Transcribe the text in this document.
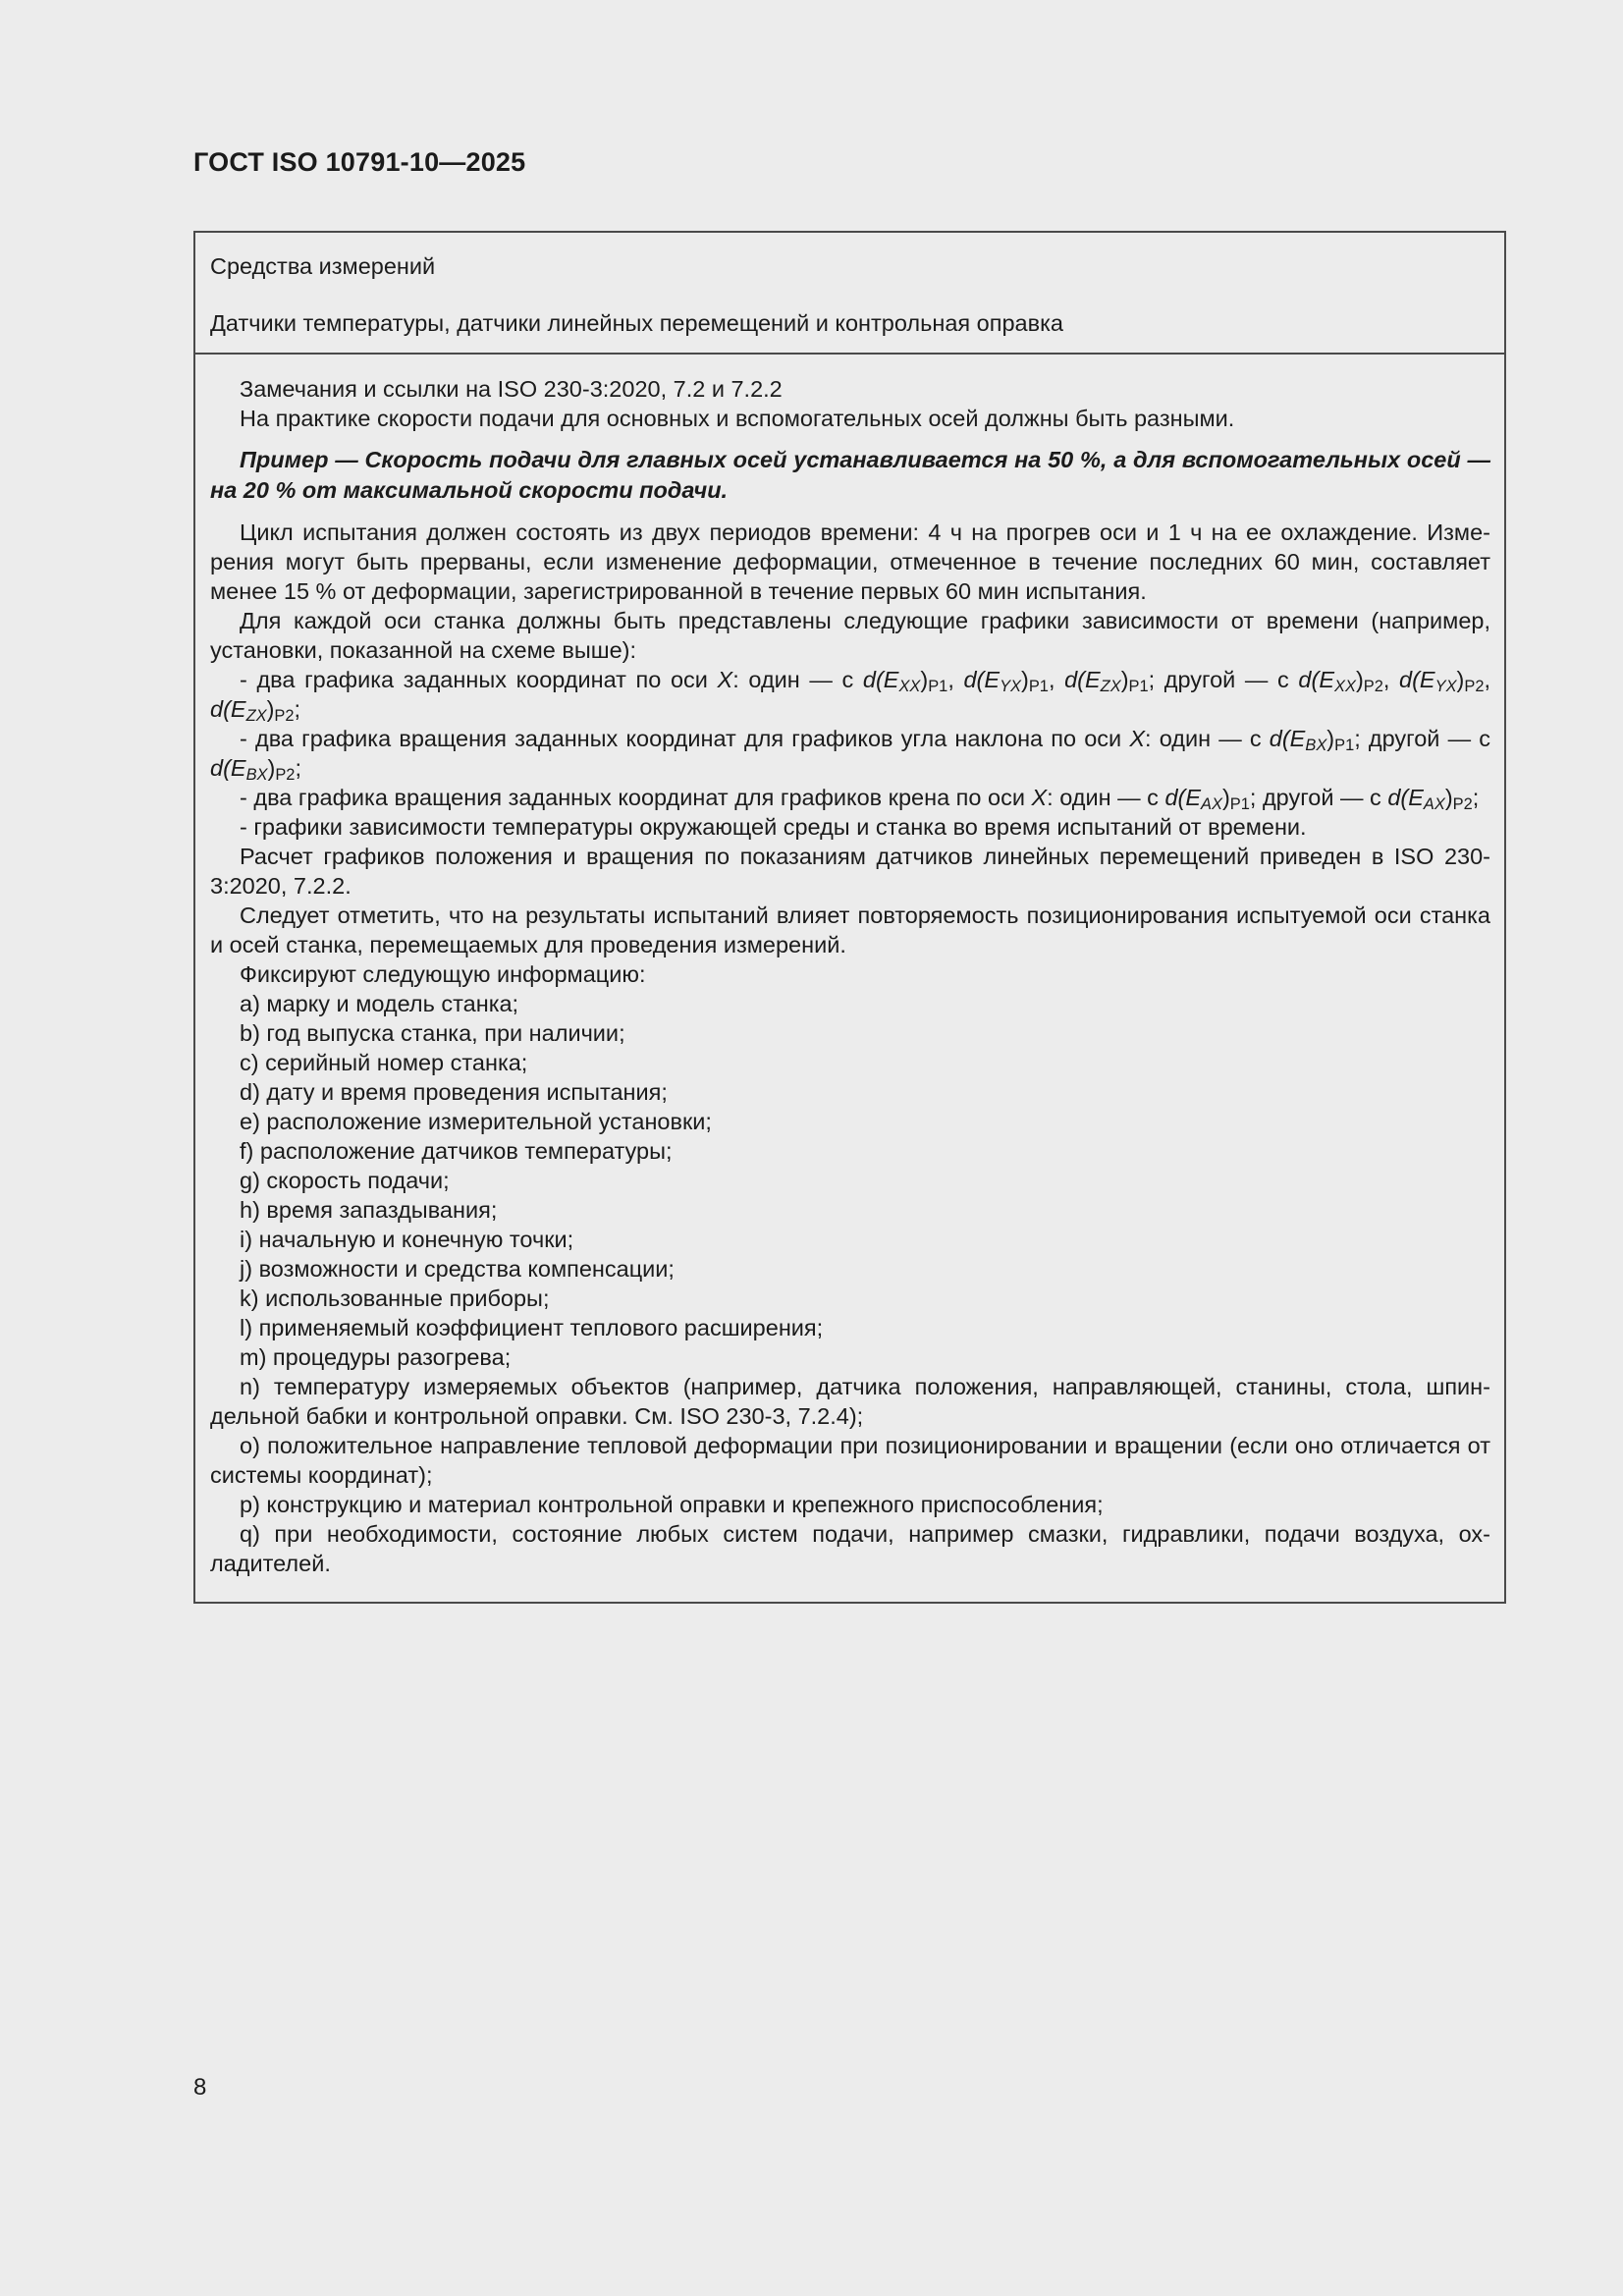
ГОСТ ISO 10791-10—2025

Средства измерений

Датчики температуры, датчики линейных перемещений и контрольная оправка

Замечания и ссылки на ISO 230-3:2020, 7.2 и 7.2.2

На практике скорости подачи для основных и вспомогательных осей должны быть разными.

Пример — Скорость подачи для главных осей устанавливается на 50 %, а для вспомогательных осей — на 20 % от максимальной скорости подачи.

Цикл испытания должен состоять из двух периодов времени: 4 ч на прогрев оси и 1 ч на ее охлаждение. Измерения могут быть прерваны, если изменение деформации, отмеченное в течение последних 60 мин, составляет менее 15 % от деформации, зарегистрированной в течение первых 60 мин испытания.

Для каждой оси станка должны быть представлены следующие графики зависимости от времени (например, установки, показанной на схеме выше):

- два графика заданных координат по оси X: один — с $d(E_{XX})_{P1}$, $d(E_{YX})_{P1}$, $d(E_{ZX})_{P1}$; другой — с $d(E_{XX})_{P2}$, $d(E_{YX})_{P2}$, $d(E_{ZX})_{P2}$;

- два графика вращения заданных координат для графиков угла наклона по оси X: один — с $d(E_{BX})_{P1}$; другой — с $d(E_{BX})_{P2}$;

- два графика вращения заданных координат для графиков крена по оси X: один — с $d(E_{AX})_{P1}$; другой — с $d(E_{AX})_{P2}$;

- графики зависимости температуры окружающей среды и станка во время испытаний от времени.

Расчет графиков положения и вращения по показаниям датчиков линейных перемещений приведен в ISO 230-3:2020, 7.2.2.

Следует отметить, что на результаты испытаний влияет повторяемость позиционирования испытуемой оси станка и осей станка, перемещаемых для проведения измерений.

Фиксируют следующую информацию:

a) марку и модель станка;

b) год выпуска станка, при наличии;

c) серийный номер станка;

d) дату и время проведения испытания;

e) расположение измерительной установки;

f) расположение датчиков температуры;

g) скорость подачи;

h) время запаздывания;

i) начальную и конечную точки;

j) возможности и средства компенсации;

k) использованные приборы;

l) применяемый коэффициент теплового расширения;

m) процедуры разогрева;

n) температуру измеряемых объектов (например, датчика положения, направляющей, станины, стола, шпиндельной бабки и контрольной оправки. См. ISO 230-3, 7.2.4);

o) положительное направление тепловой деформации при позиционировании и вращении (если оно отличается от системы координат);

p) конструкцию и материал контрольной оправки и крепежного приспособления;

q) при необходимости, состояние любых систем подачи, например смазки, гидравлики, подачи воздуха, охладителей.

8
